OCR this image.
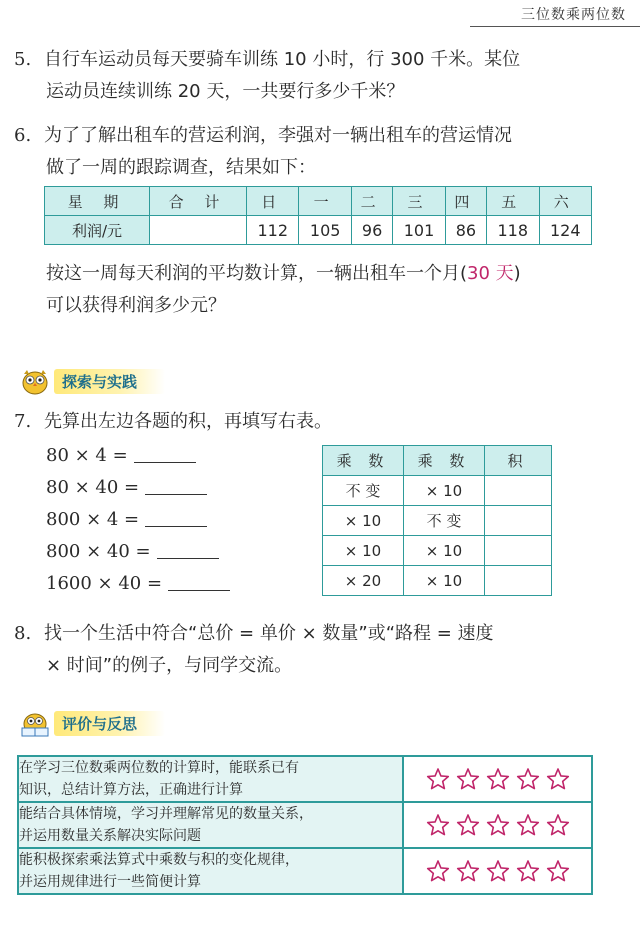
三位数乘两位数
5. 自行车运动员每天要骑车训练 10 小时，行 300 千米。某位
运动员连续训练 20 天，一共要行多少千米？
6. 为了了解出租车的营运利润，李强对一辆出租车的营运情况
做了一周的跟踪调查，结果如下：
星 期	合 计	日	一	二	三	四	五	六
利润/元		112	105	96	101	86	118	124
按这一周每天利润的平均数计算，一辆出租车一个月(30 天)
可以获得利润多少元？
探索与实践
7. 先算出左边各题的积，再填写右表。
80 × 4 =
80 × 40 =
800 × 4 =
800 × 40 =
1600 × 40 =
乘 数	乘 数	积
不 变	× 10	
× 10	不 变	
× 10	× 10	
× 20	× 10	
8. 找一个生活中符合“总价 = 单价 × 数量”或“路程 = 速度
× 时间”的例子，与同学交流。
评价与反思
在学习三位数乘两位数的计算时，能联系已有
知识，总结计算方法，正确进行计算

能结合具体情境，学习并理解常见的数量关系，
并运用数量关系解决实际问题

能积极探索乘法算式中乘数与积的变化规律，
并运用规律进行一些简便计算
